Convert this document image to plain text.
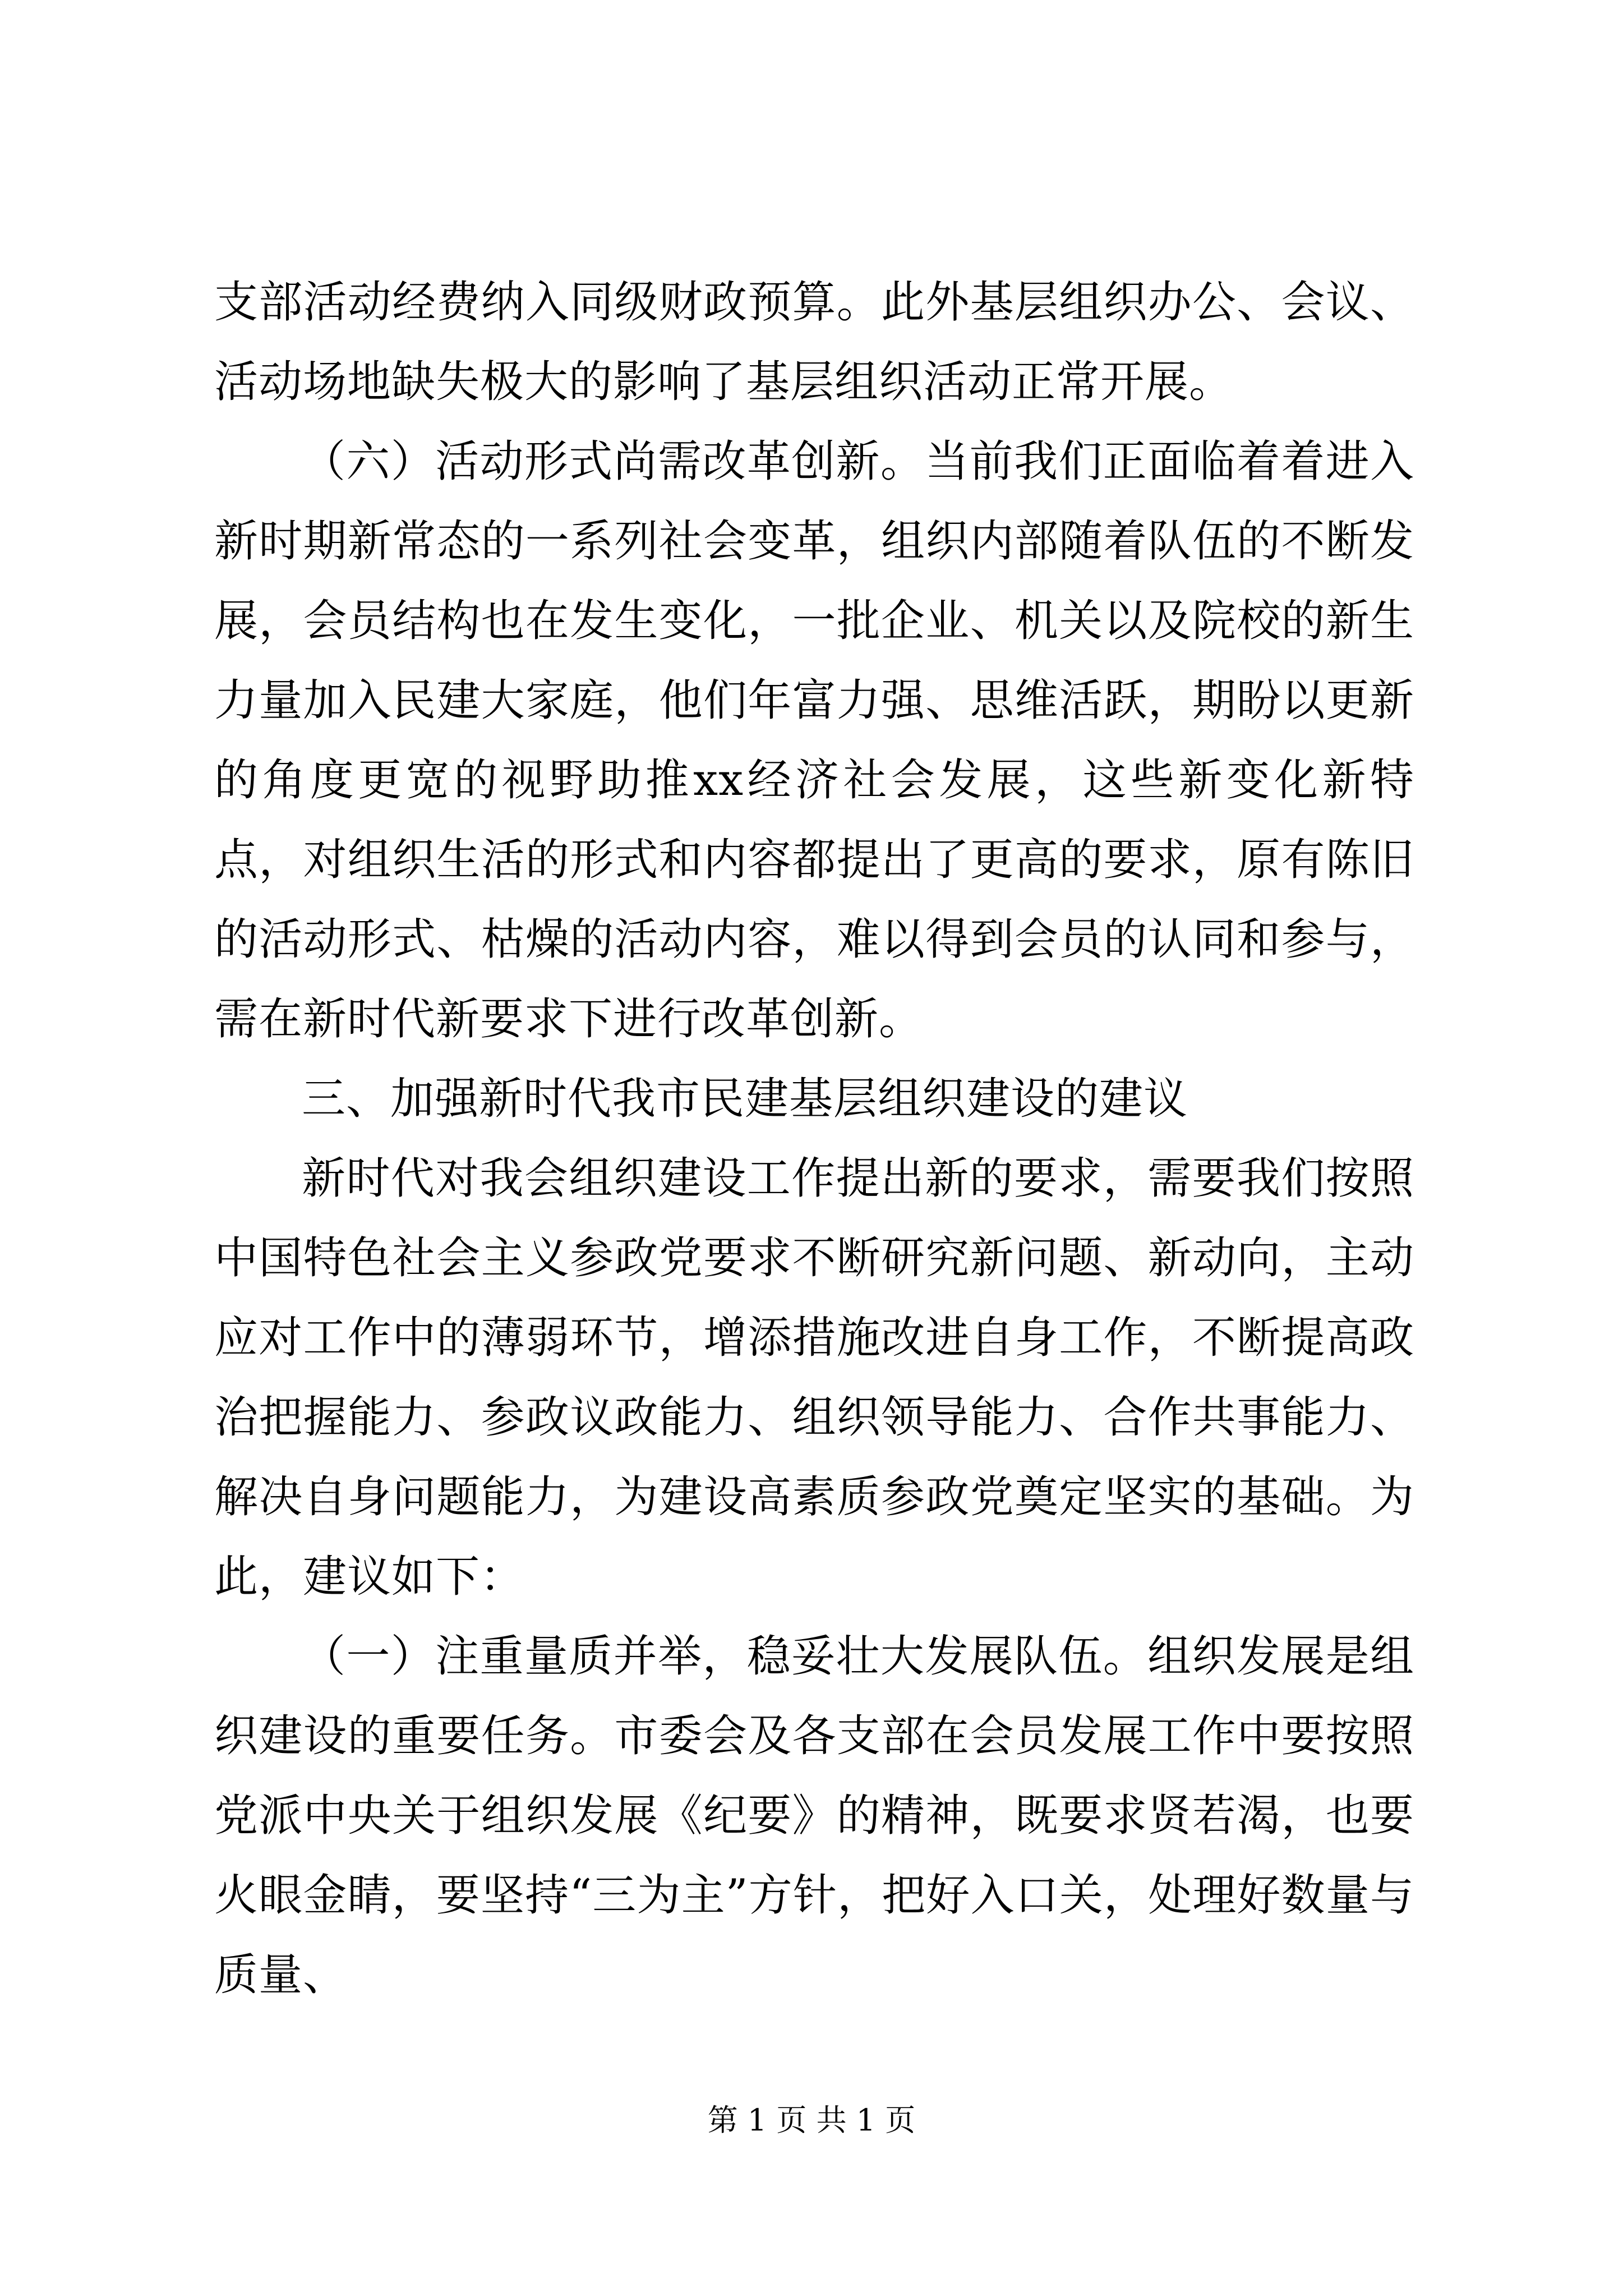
支部活动经费纳入同级财政预算。此外基层组织办公、会议、活动场地缺失极大的影响了基层组织活动正常开展。

（六）活动形式尚需改革创新。当前我们正面临着着进入新时期新常态的一系列社会变革，组织内部随着队伍的不断发展，会员结构也在发生变化，一批企业、机关以及院校的新生力量加入民建大家庭，他们年富力强、思维活跃，期盼以更新的角度更宽的视野助推xx经济社会发展，这些新变化新特点，对组织生活的形式和内容都提出了更高的要求，原有陈旧的活动形式、枯燥的活动内容，难以得到会员的认同和参与，需在新时代新要求下进行改革创新。

三、加强新时代我市民建基层组织建设的建议

新时代对我会组织建设工作提出新的要求，需要我们按照中国特色社会主义参政党要求不断研究新问题、新动向，主动应对工作中的薄弱环节，增添措施改进自身工作，不断提高政治把握能力、参政议政能力、组织领导能力、合作共事能力、解决自身问题能力，为建设高素质参政党奠定坚实的基础。为此，建议如下：

（一）注重量质并举，稳妥壮大发展队伍。组织发展是组织建设的重要任务。市委会及各支部在会员发展工作中要按照党派中央关于组织发展《纪要》的精神，既要求贤若渴，也要火眼金睛，要坚持“三为主”方针，把好入口关，处理好数量与质量、

第 1 页 共 1 页
